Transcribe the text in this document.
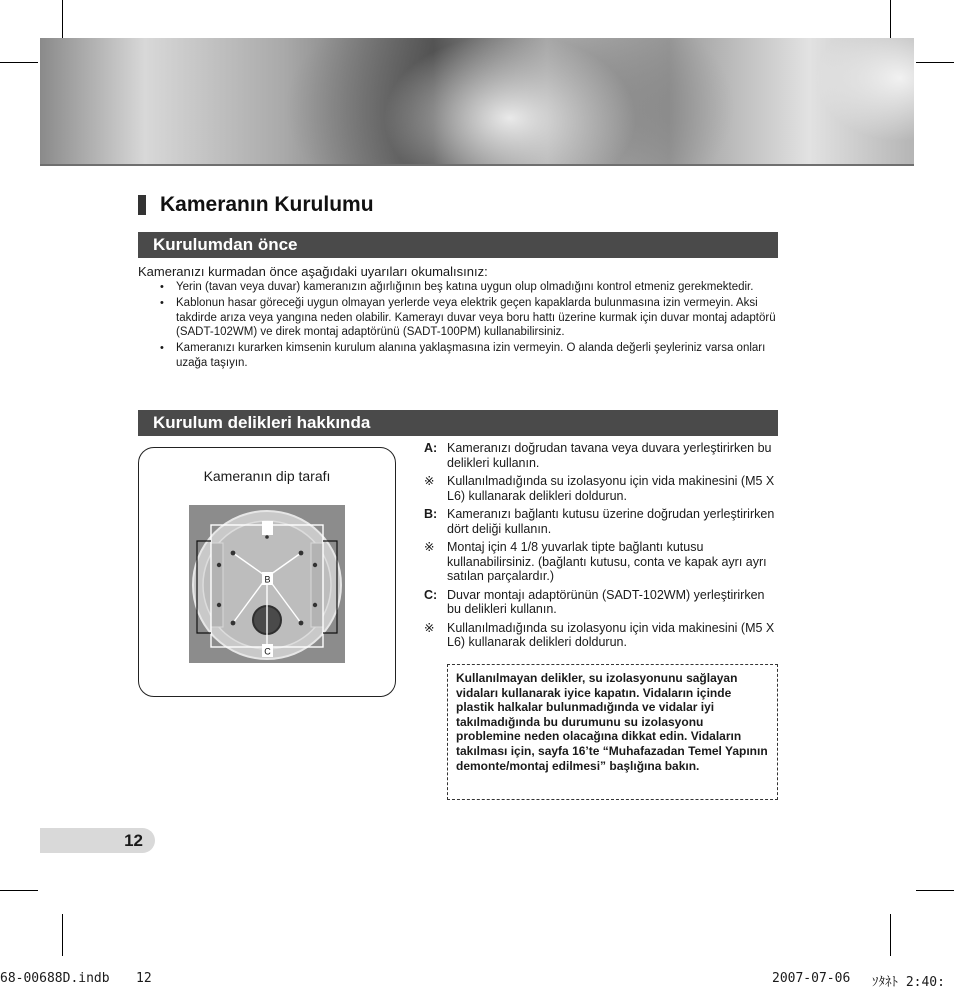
Kameranın Kurulumu
Kurulumdan önce
Kameranızı kurmadan önce aşağıdaki uyarıları okumalısınız:
• Yerin (tavan veya duvar) kameranızın ağırlığının beş katına uygun olup olmadığını kontrol etmeniz gerekmektedir.
• Kablonun hasar göreceği uygun olmayan yerlerde veya elektrik geçen kapaklarda bulunmasına izin vermeyin. Aksi takdirde arıza veya yangına neden olabilir. Kamerayı duvar veya boru hattı üzerine kurmak için duvar montaj adaptörü (SADT-102WM) ve direk montaj adaptörünü (SADT-100PM) kullanabilirsiniz.
• Kameranızı kurarken kimsenin kurulum alanına yaklaşmasına izin vermeyin. O alanda değerli şeyleriniz varsa onları uzağa taşıyın.
Kurulum delikleri hakkında
Kameranın dip tarafı
A
B
C
A: Kameranızı doğrudan tavana veya duvara yerleştirirken bu delikleri kullanın.
※	Kullanılmadığında su izolasyonu için vida makinesini (M5 X L6) kullanarak delikleri doldurun.
B: Kameranızı bağlantı kutusu üzerine doğrudan yerleştirirken dört deliği kullanın.
※	Montaj için 4 1/8 yuvarlak tipte bağlantı kutusu kullanabilirsiniz. (bağlantı kutusu, conta ve kapak ayrı ayrı satılan parçalardır.)
C: Duvar montajı adaptörünün (SADT-102WM) yerleştirirken bu delikleri kullanın.
※	Kullanılmadığında su izolasyonu için vida makinesini (M5 X L6) kullanarak delikleri doldurun.
Kullanılmayan delikler, su izolasyonunu sağlayan vidaları kullanarak iyice kapatın. Vidaların içinde plastik halkalar bulunmadığında ve vidalar iyi takılmadığında bu durumunu su izolasyonu problemine neden olacağına dikkat edin. Vidaların takılması için, sayfa 16’te “Muhafazadan Temel Yapının demonte/montaj edilmesi” başlığına bakın.
12
68-00688D.indb 12	2007-07-06 ｿﾀﾈﾄ 2:40:
